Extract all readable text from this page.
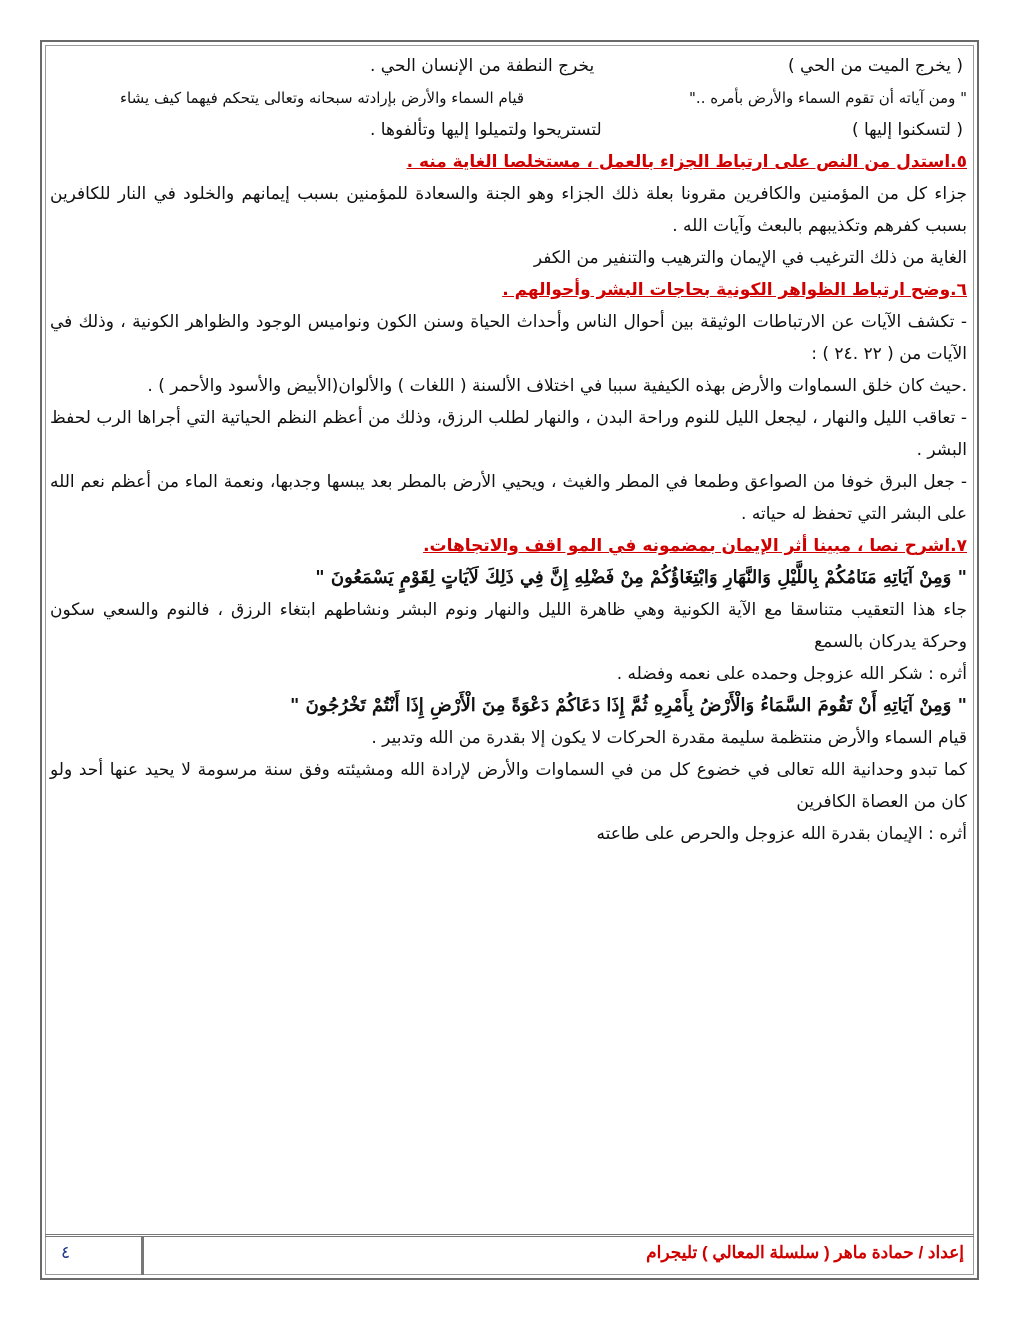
( يخرج الميت من الحي )
يخرج النطفة من الإنسان الحي .
" ومن آياته أن تقوم السماء والأرض بأمره .."
قيام السماء والأرض بإرادته سبحانه وتعالى يتحكم فيهما كيف يشاء
( لتسكنوا إليها )
لتستريحوا ولتميلوا إليها وتألفوها .

٥.استدل من النص على ارتباط الجزاء بالعمل ، مستخلصا الغاية منه .

جزاء كل من المؤمنين والكافرين مقرونا بعلة ذلك الجزاء وهو الجنة والسعادة للمؤمنين بسبب إيمانهم والخلود في النار للكافرين بسبب كفرهم وتكذيبهم بالبعث وآيات الله .

الغاية من ذلك الترغيب في الإيمان والترهيب والتنفير من الكفر

٦.وضح ارتباط الظواهر الكونية بحاجات البشر وأحوالهم .

- تكشف الآيات عن الارتباطات الوثيقة بين أحوال الناس وأحداث الحياة وسنن الكون ونواميس الوجود والظواهر الكونية ، وذلك في الآيات من ( ٢٢ .٢٤ ) :

.حيث كان خلق السماوات والأرض بهذه الكيفية سببا في اختلاف الألسنة ( اللغات ) والألوان(الأبيض والأسود والأحمر ) .

- تعاقب الليل والنهار ، ليجعل الليل للنوم وراحة البدن ، والنهار لطلب الرزق، وذلك من أعظم النظم الحياتية التي أجراها الرب لحفظ البشر .

- جعل البرق خوفا من الصواعق وطمعا في المطر والغيث ، ويحيي الأرض بالمطر بعد يبسها وجدبها، ونعمة الماء من أعظم نعم الله على البشر التي تحفظ له حياته .

٧.اشرح نصا ، مبينا أثر الإيمان بمضمونه في المو اقف والاتجاهات.

" وَمِنْ آيَاتِهِ مَنَامُكُمْ بِاللَّيْلِ وَالنَّهَارِ وَابْتِغَاؤُكُمْ مِنْ فَضْلِهِ إِنَّ فِي ذَلِكَ لَآيَاتٍ لِقَوْمٍ يَسْمَعُونَ "

جاء هذا التعقيب متناسقا مع الآية الكونية وهي ظاهرة الليل والنهار ونوم البشر ونشاطهم ابتغاء الرزق ، فالنوم والسعي سكون وحركة يدركان بالسمع

أثره : شكر الله عزوجل وحمده على نعمه وفضله .

" وَمِنْ آيَاتِهِ أَنْ تَقُومَ السَّمَاءُ وَالْأَرْضُ بِأَمْرِهِ ثُمَّ إِذَا دَعَاكُمْ دَعْوَةً مِنَ الْأَرْضِ إِذَا أَنْتُمْ تَخْرُجُونَ "

قيام السماء والأرض منتظمة سليمة مقدرة الحركات لا يكون إلا بقدرة من الله وتدبير .

كما تبدو وحدانية الله تعالى في خضوع كل من في السماوات والأرض لإرادة الله ومشيئته وفق سنة مرسومة لا يحيد عنها أحد ولو كان من العصاة الكافرين

أثره : الإيمان بقدرة الله عزوجل والحرص على طاعته

إعداد / حمادة ماهر ( سلسلة المعالي ) تليجرام
٤
